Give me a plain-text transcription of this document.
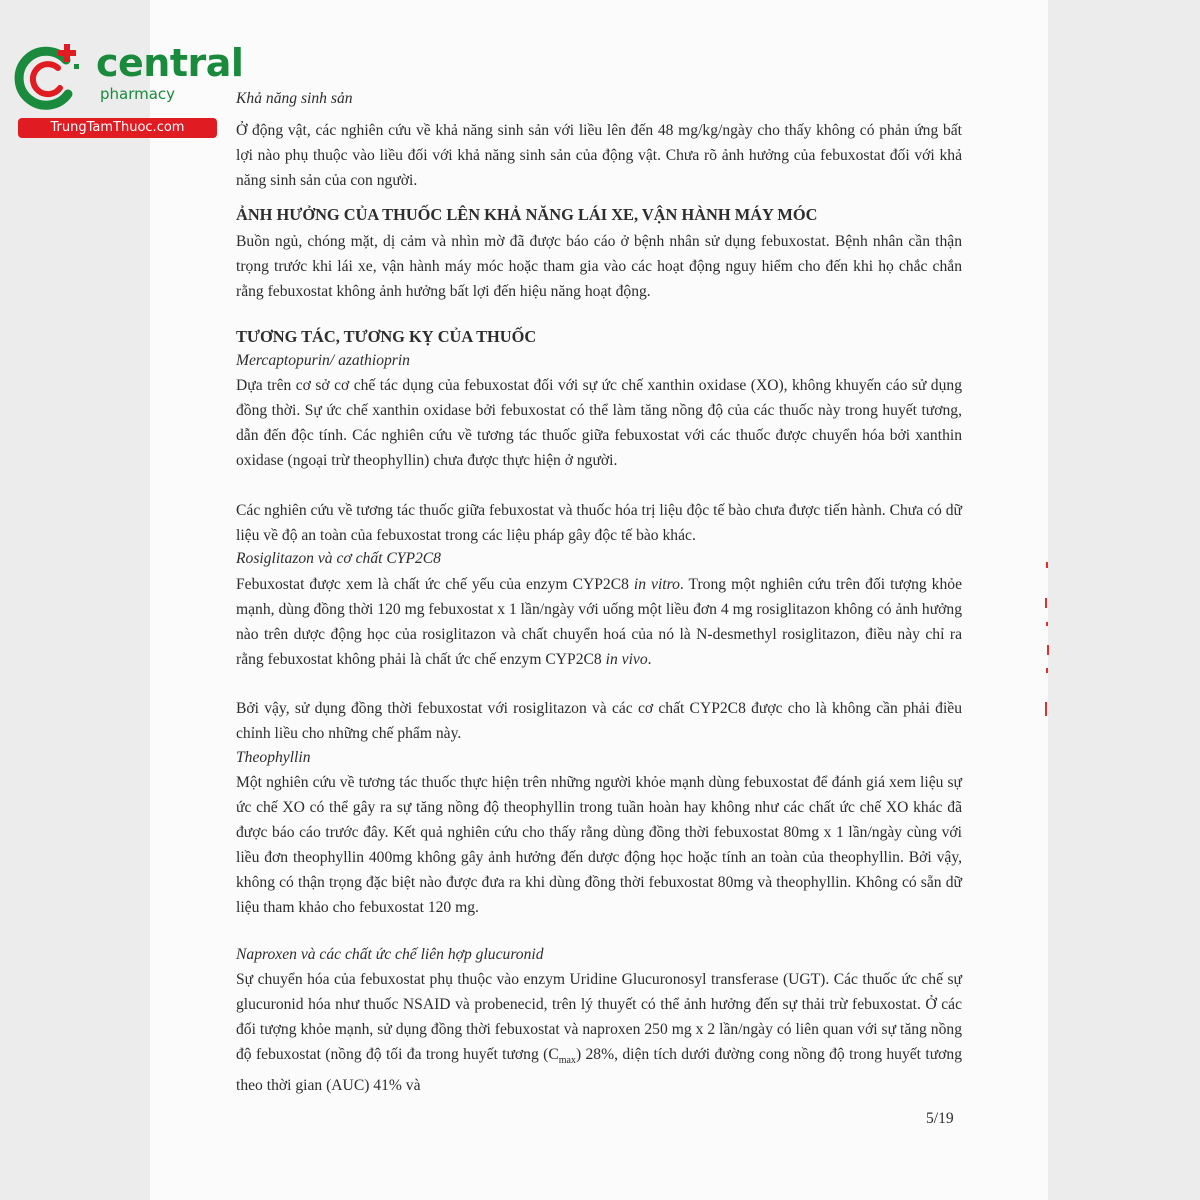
central
pharmacy
TrungTamThuoc.com
Khả năng sinh sản
Ở động vật, các nghiên cứu về khả năng sinh sản với liều lên đến 48 mg/kg/ngày cho thấy không có phản ứng bất lợi nào phụ thuộc vào liều đối với khả năng sinh sản của động vật. Chưa rõ ảnh hưởng của febuxostat đối với khả năng sinh sản của con người.
ẢNH HƯỞNG CỦA THUỐC LÊN KHẢ NĂNG LÁI XE, VẬN HÀNH MÁY MÓC
Buồn ngủ, chóng mặt, dị cảm và nhìn mờ đã được báo cáo ở bệnh nhân sử dụng febuxostat. Bệnh nhân cần thận trọng trước khi lái xe, vận hành máy móc hoặc tham gia vào các hoạt động nguy hiểm cho đến khi họ chắc chắn rằng febuxostat không ảnh hưởng bất lợi đến hiệu năng hoạt động.
TƯƠNG TÁC, TƯƠNG KỴ CỦA THUỐC
Mercaptopurin/ azathioprin
Dựa trên cơ sở cơ chế tác dụng của febuxostat đối với sự ức chế xanthin oxidase (XO), không khuyến cáo sử dụng đồng thời. Sự ức chế xanthin oxidase bởi febuxostat có thể làm tăng nồng độ của các thuốc này trong huyết tương, dẫn đến độc tính. Các nghiên cứu về tương tác thuốc giữa febuxostat với các thuốc được chuyển hóa bởi xanthin oxidase (ngoại trừ theophyllin) chưa được thực hiện ở người.
Các nghiên cứu về tương tác thuốc giữa febuxostat và thuốc hóa trị liệu độc tế bào chưa được tiến hành. Chưa có dữ liệu về độ an toàn của febuxostat trong các liệu pháp gây độc tế bào khác.
Rosiglitazon và cơ chất CYP2C8
Febuxostat được xem là chất ức chế yếu của enzym CYP2C8 in vitro. Trong một nghiên cứu trên đối tượng khỏe mạnh, dùng đồng thời 120 mg febuxostat x 1 lần/ngày với uống một liều đơn 4 mg rosiglitazon không có ảnh hưởng nào trên dược động học của rosiglitazon và chất chuyển hoá của nó là N-desmethyl rosiglitazon, điều này chỉ ra rằng febuxostat không phải là chất ức chế enzym CYP2C8 in vivo.
Bởi vậy, sử dụng đồng thời febuxostat với rosiglitazon và các cơ chất CYP2C8 được cho là không cần phải điều chỉnh liều cho những chế phẩm này.
Theophyllin
Một nghiên cứu về tương tác thuốc thực hiện trên những người khỏe mạnh dùng febuxostat để đánh giá xem liệu sự ức chế XO có thể gây ra sự tăng nồng độ theophyllin trong tuần hoàn hay không như các chất ức chế XO khác đã được báo cáo trước đây. Kết quả nghiên cứu cho thấy rằng dùng đồng thời febuxostat 80mg x 1 lần/ngày cùng với liều đơn theophyllin 400mg không gây ảnh hưởng đến dược động học hoặc tính an toàn của theophyllin. Bởi vậy, không có thận trọng đặc biệt nào được đưa ra khi dùng đồng thời febuxostat 80mg và theophyllin. Không có sẵn dữ liệu tham khảo cho febuxostat 120 mg.
Naproxen và các chất ức chế liên hợp glucuronid
Sự chuyển hóa của febuxostat phụ thuộc vào enzym Uridine Glucuronosyl transferase (UGT). Các thuốc ức chế sự glucuronid hóa như thuốc NSAID và probenecid, trên lý thuyết có thể ảnh hưởng đến sự thải trừ febuxostat. Ở các đối tượng khỏe mạnh, sử dụng đồng thời febuxostat và naproxen 250 mg x 2 lần/ngày có liên quan với sự tăng nồng độ febuxostat (nồng độ tối đa trong huyết tương $(C_{max})$ 28%, diện tích dưới đường cong nồng độ trong huyết tương theo thời gian (AUC) 41% và
5/19
